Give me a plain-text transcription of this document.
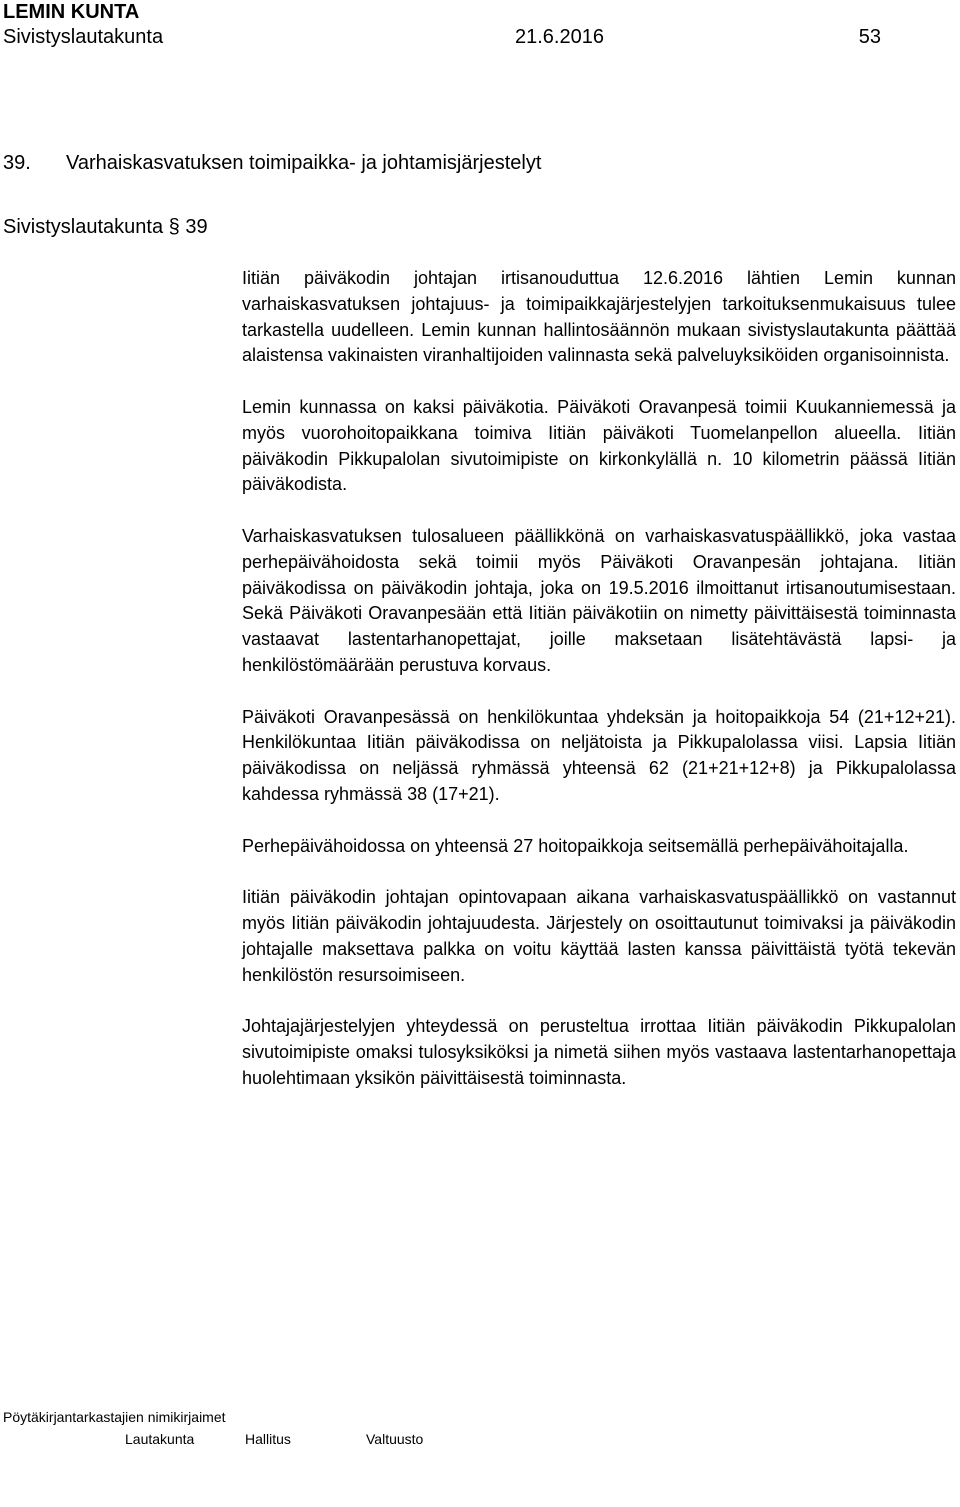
LEMIN KUNTA
Sivistyslautakunta	21.6.2016	53
39. Varhaiskasvatuksen toimipaikka- ja johtamisjärjestelyt
Sivistyslautakunta § 39

Iitiän päiväkodin johtajan irtisanouduttua 12.6.2016 lähtien Lemin kunnan varhaiskasvatuksen johtajuus- ja toimipaikkajärjestelyjen tarkoituksenmukaisuus tulee tarkastella uudelleen. Lemin kunnan hallintosäännön mukaan sivistyslautakunta päättää alaistensa vakinaisten viranhaltijoiden valinnasta sekä palveluyksiköiden organisoinnista.

Lemin kunnassa on kaksi päiväkotia. Päiväkoti Oravanpesä toimii Kuukanniemessä ja myös vuorohoitopaikkana toimiva Iitiän päiväkoti Tuomelanpellon alueella. Iitiän päiväkodin Pikkupalolan sivutoimipiste on kirkonkylällä n. 10 kilometrin päässä Iitiän päiväkodista.

Varhaiskasvatuksen tulosalueen päällikkönä on varhaiskasvatuspäällikkö, joka vastaa perhepäivähoidosta sekä toimii myös Päiväkoti Oravanpesän johtajana. Iitiän päiväkodissa on päiväkodin johtaja, joka on 19.5.2016 ilmoittanut irtisanoutumisestaan. Sekä Päiväkoti Oravanpesään että Iitiän päiväkotiin on nimetty päivittäisestä toiminnasta vastaavat lastentarhanopettajat, joille maksetaan lisätehtävästä lapsi- ja henkilöstömäärään perustuva korvaus.

Päiväkoti Oravanpesässä on henkilökuntaa yhdeksän ja hoitopaikkoja 54 (21+12+21). Henkilökuntaa Iitiän päiväkodissa on neljätoista ja Pikkupalolassa viisi. Lapsia Iitiän päiväkodissa on neljässä ryhmässä yhteensä 62 (21+21+12+8) ja Pikkupalolassa kahdessa ryhmässä 38 (17+21).

Perhepäivähoidossa on yhteensä 27 hoitopaikkoja seitsemällä perhepäivähoitajalla.

Iitiän päiväkodin johtajan opintovapaan aikana varhaiskasvatuspäällikkö on vastannut myös Iitiän päiväkodin johtajuudesta. Järjestely on osoittautunut toimivaksi ja päiväkodin johtajalle maksettava palkka on voitu käyttää lasten kanssa päivittäistä työtä tekevän henkilöstön resursoimiseen.

Johtajajärjestelyjen yhteydessä on perusteltua irrottaa Iitiän päiväkodin Pikkupalolan sivutoimipiste omaksi tulosyksiköksi ja nimetä siihen myös vastaava lastentarhanopettaja huolehtimaan yksikön päivittäisestä toiminnasta.

Pöytäkirjantarkastajien nimikirjaimet
Lautakunta	Hallitus	Valtuusto
